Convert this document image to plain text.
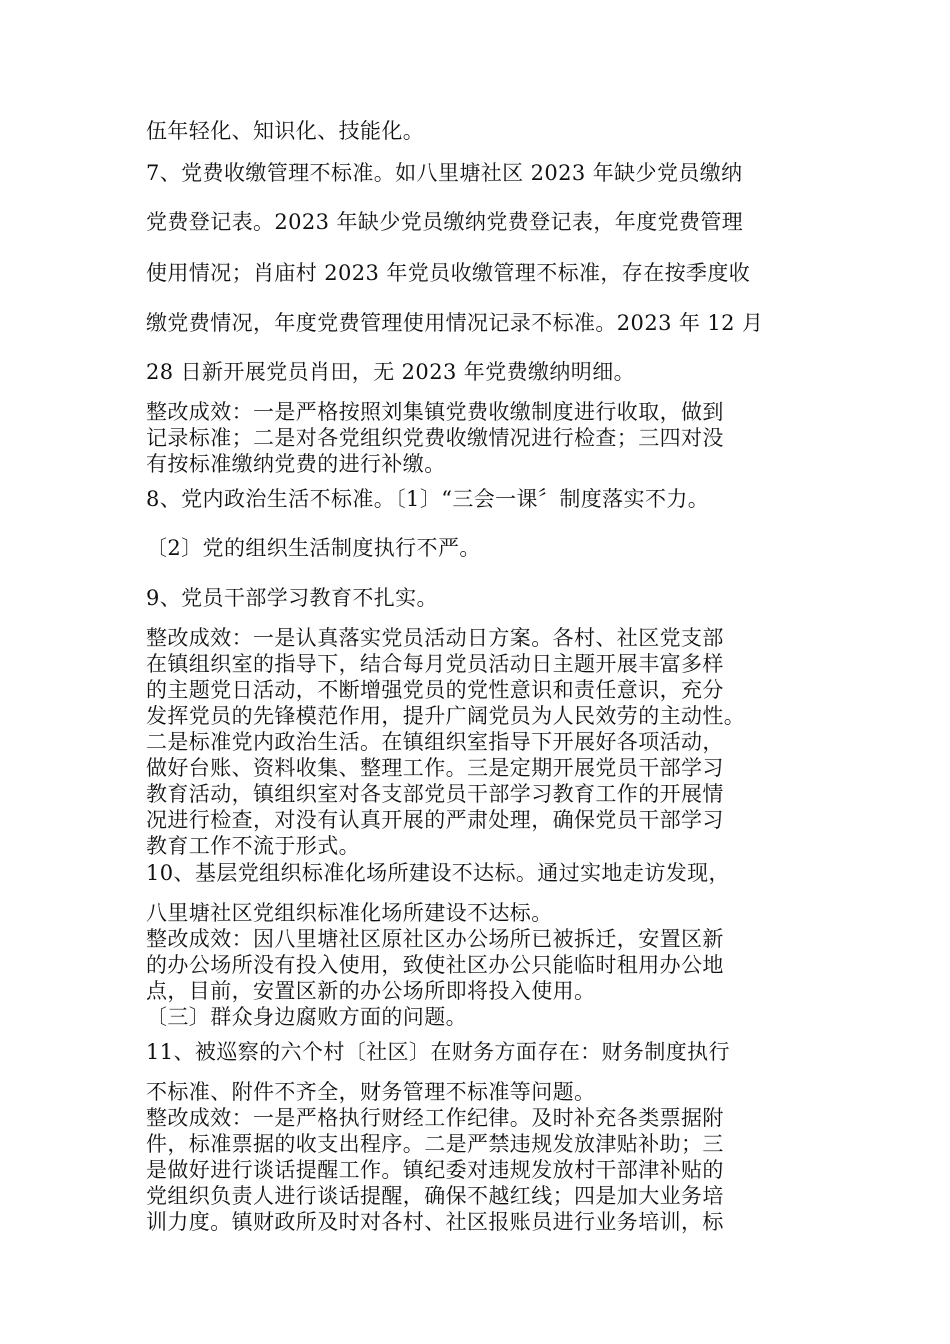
伍年轻化、知识化、技能化。
7、党费收缴管理不标准。如八里塘社区 2023 年缺少党员缴纳
党费登记表。2023 年缺少党员缴纳党费登记表，年度党费管理
使用情况；肖庙村 2023 年党员收缴管理不标准，存在按季度收
缴党费情况，年度党费管理使用情况记录不标准。2023 年 12 月
28 日新开展党员肖田，无 2023 年党费缴纳明细。
整改成效：一是严格按照刘集镇党费收缴制度进行收取，做到
记录标准；二是对各党组织党费收缴情况进行检查；三四对没
有按标准缴纳党费的进行补缴。
8、党内政治生活不标准。〔1〕“三会一课〞制度落实不力。
〔2〕党的组织生活制度执行不严。
9、党员干部学习教育不扎实。
整改成效：一是认真落实党员活动日方案。各村、社区党支部
在镇组织室的指导下，结合每月党员活动日主题开展丰富多样
的主题党日活动，不断增强党员的党性意识和责任意识，充分
发挥党员的先锋模范作用，提升广阔党员为人民效劳的主动性。
二是标准党内政治生活。在镇组织室指导下开展好各项活动，
做好台账、资料收集、整理工作。三是定期开展党员干部学习
教育活动，镇组织室对各支部党员干部学习教育工作的开展情
况进行检查，对没有认真开展的严肃处理，确保党员干部学习
教育工作不流于形式。
10、基层党组织标准化场所建设不达标。通过实地走访发现，
八里塘社区党组织标准化场所建设不达标。
整改成效：因八里塘社区原社区办公场所已被拆迁，安置区新
的办公场所没有投入使用，致使社区办公只能临时租用办公地
点，目前，安置区新的办公场所即将投入使用。
〔三〕群众身边腐败方面的问题。
11、被巡察的六个村〔社区〕在财务方面存在：财务制度执行
不标准、附件不齐全，财务管理不标准等问题。
整改成效：一是严格执行财经工作纪律。及时补充各类票据附
件，标准票据的收支出程序。二是严禁违规发放津贴补助；三
是做好进行谈话提醒工作。镇纪委对违规发放村干部津补贴的
党组织负责人进行谈话提醒，确保不越红线；四是加大业务培
训力度。镇财政所及时对各村、社区报账员进行业务培训，标
